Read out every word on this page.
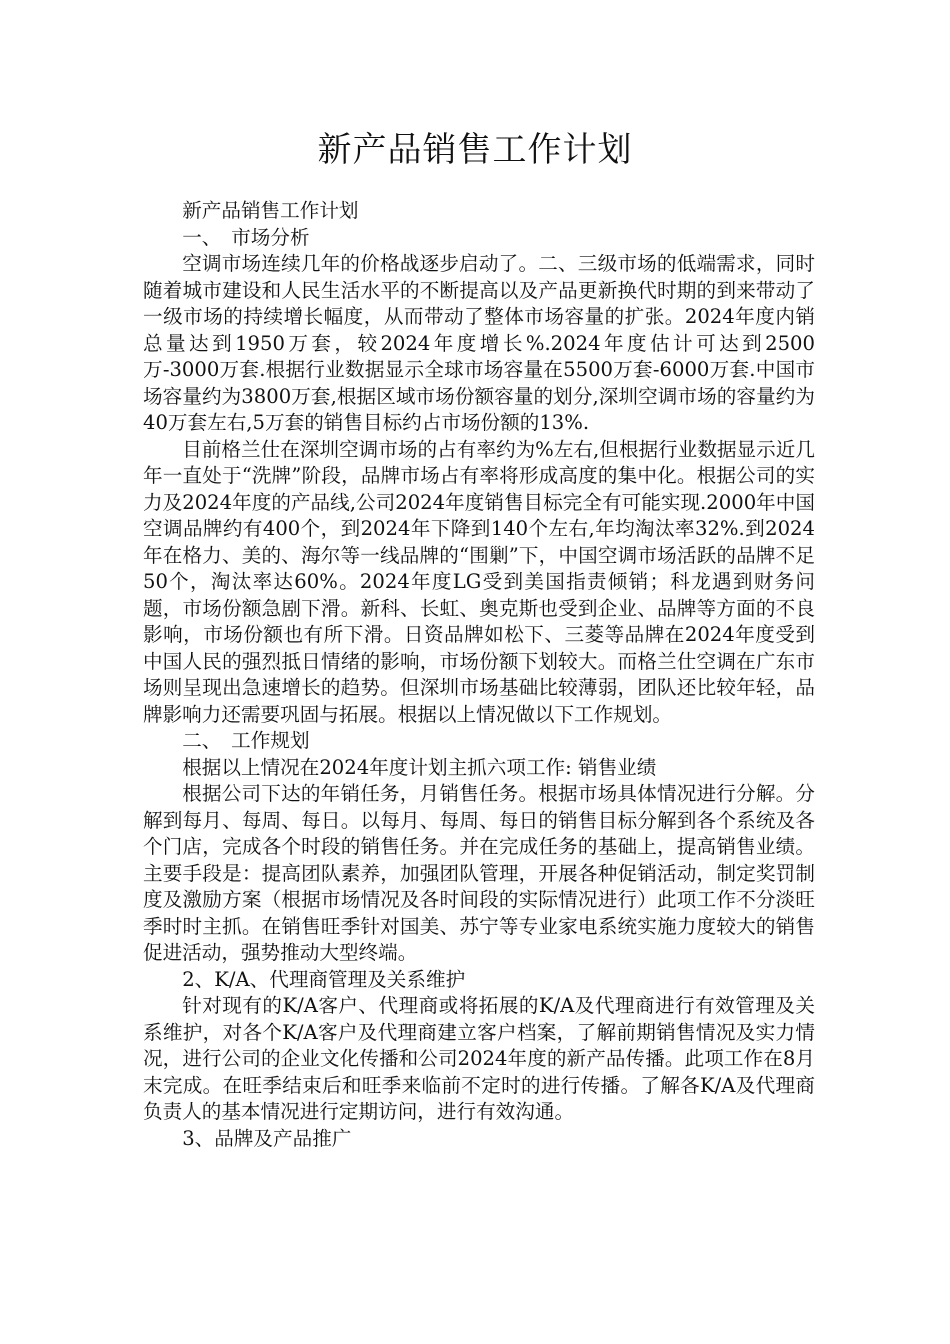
新产品销售工作计划

新产品销售工作计划

一、　市场分析

空调市场连续几年的价格战逐步启动了。二、三级市场的低端需求，同时随着城市建设和人民生活水平的不断提高以及产品更新换代时期的到来带动了一级市场的持续增长幅度，从而带动了整体市场容量的扩张。2024年度内销总量达到1950万套，较2024年度增长%.2024年度估计可达到2500万-3000万套.根据行业数据显示全球市场容量在5500万套-6000万套.中国市场容量约为3800万套,根据区域市场份额容量的划分,深圳空调市场的容量约为40万套左右,5万套的销售目标约占市场份额的13%.

目前格兰仕在深圳空调市场的占有率约为%左右,但根据行业数据显示近几年一直处于“洗牌”阶段，品牌市场占有率将形成高度的集中化。根据公司的实力及2024年度的产品线,公司2024年度销售目标完全有可能实现.2000年中国空调品牌约有400个，到2024年下降到140个左右,年均淘汰率32%.到2024年在格力、美的、海尔等一线品牌的“围剿”下，中国空调市场活跃的品牌不足50个，淘汰率达60%。2024年度LG受到美国指责倾销；科龙遇到财务问题，市场份额急剧下滑。新科、长虹、奥克斯也受到企业、品牌等方面的不良影响，市场份额也有所下滑。日资品牌如松下、三菱等品牌在2024年度受到中国人民的强烈抵日情绪的影响，市场份额下划较大。而格兰仕空调在广东市场则呈现出急速增长的趋势。但深圳市场基础比较薄弱，团队还比较年轻，品牌影响力还需要巩固与拓展。根据以上情况做以下工作规划。

二、　工作规划

根据以上情况在2024年度计划主抓六项工作: 销售业绩

根据公司下达的年销任务，月销售任务。根据市场具体情况进行分解。分解到每月、每周、每日。以每月、每周、每日的销售目标分解到各个系统及各个门店，完成各个时段的销售任务。并在完成任务的基础上，提高销售业绩。主要手段是：提高团队素养，加强团队管理，开展各种促销活动，制定奖罚制度及激励方案（根据市场情况及各时间段的实际情况进行）此项工作不分淡旺季时时主抓。在销售旺季针对国美、苏宁等专业家电系统实施力度较大的销售促进活动，强势推动大型终端。

2、K/A、代理商管理及关系维护

针对现有的K/A客户、代理商或将拓展的K/A及代理商进行有效管理及关系维护，对各个K/A客户及代理商建立客户档案，了解前期销售情况及实力情况，进行公司的企业文化传播和公司2024年度的新产品传播。此项工作在8月末完成。在旺季结束后和旺季来临前不定时的进行传播。了解各K/A及代理商负责人的基本情况进行定期访问，进行有效沟通。

3、品牌及产品推广
